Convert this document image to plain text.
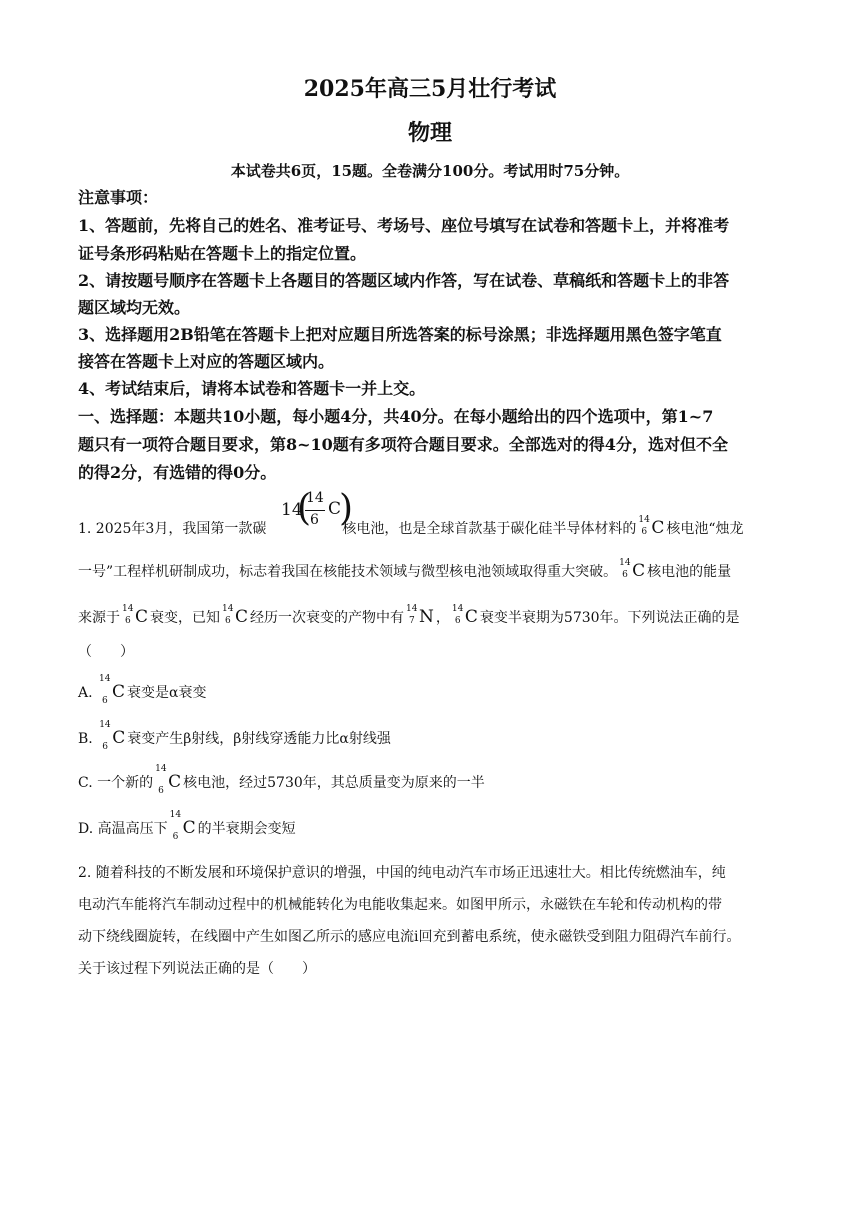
2025年高三5月壮行考试
物理
本试卷共6页，15题。全卷满分100分。考试用时75分钟。
注意事项：
1、答题前，先将自己的姓名、准考证号、考场号、座位号填写在试卷和答题卡上，并将准考
证号条形码粘贴在答题卡上的指定位置。
2、请按题号顺序在答题卡上各题目的答题区域内作答，写在试卷、草稿纸和答题卡上的非答
题区域均无效。
3、选择题用2B铅笔在答题卡上把对应题目所选答案的标号涂黑；非选择题用黑色签字笔直
接答在答题卡上对应的答题区域内。
4、考试结束后，请将本试卷和答题卡一并上交。
一、选择题：本题共10小题，每小题4分，共40分。在每小题给出的四个选项中，第1~7
题只有一项符合题目要求，第8~10题有多项符合题目要求。全部选对的得4分，选对但不全
的得2分，有选错的得0分。
1. 2025年3月，我国第一款碳	核电池，也是全球首款基于碳化硅半导体材料的
14
6 C 核电池“烛龙
14
(
14
6
C
)
一号”工程样机研制成功，标志着我国在核能技术领域与微型核电池领域取得重大突破。
14
6 C 核电池的能量
来源于
14
6 C 衰变，已知
14
6 C 经历一次衰变的产物中有
14
7 N ，
14
6 C 衰变半衰期为5730年。下列说法正确的是
（　　）
A.
14
6 C 衰变是α衰变
B.
14
6 C 衰变产生β射线，β射线穿透能力比α射线强
C. 一个新的
14
6 C 核电池，经过5730年，其总质量变为原来的一半
D. 高温高压下
14
6 C 的半衰期会变短
2. 随着科技的不断发展和环境保护意识的增强，中国的纯电动汽车市场正迅速壮大。相比传统燃油车，纯
电动汽车能将汽车制动过程中的机械能转化为电能收集起来。如图甲所示，永磁铁在车轮和传动机构的带
动下绕线圈旋转，在线圈中产生如图乙所示的感应电流i回充到蓄电系统，使永磁铁受到阻力阻碍汽车前行。
关于该过程下列说法正确的是（　　）
